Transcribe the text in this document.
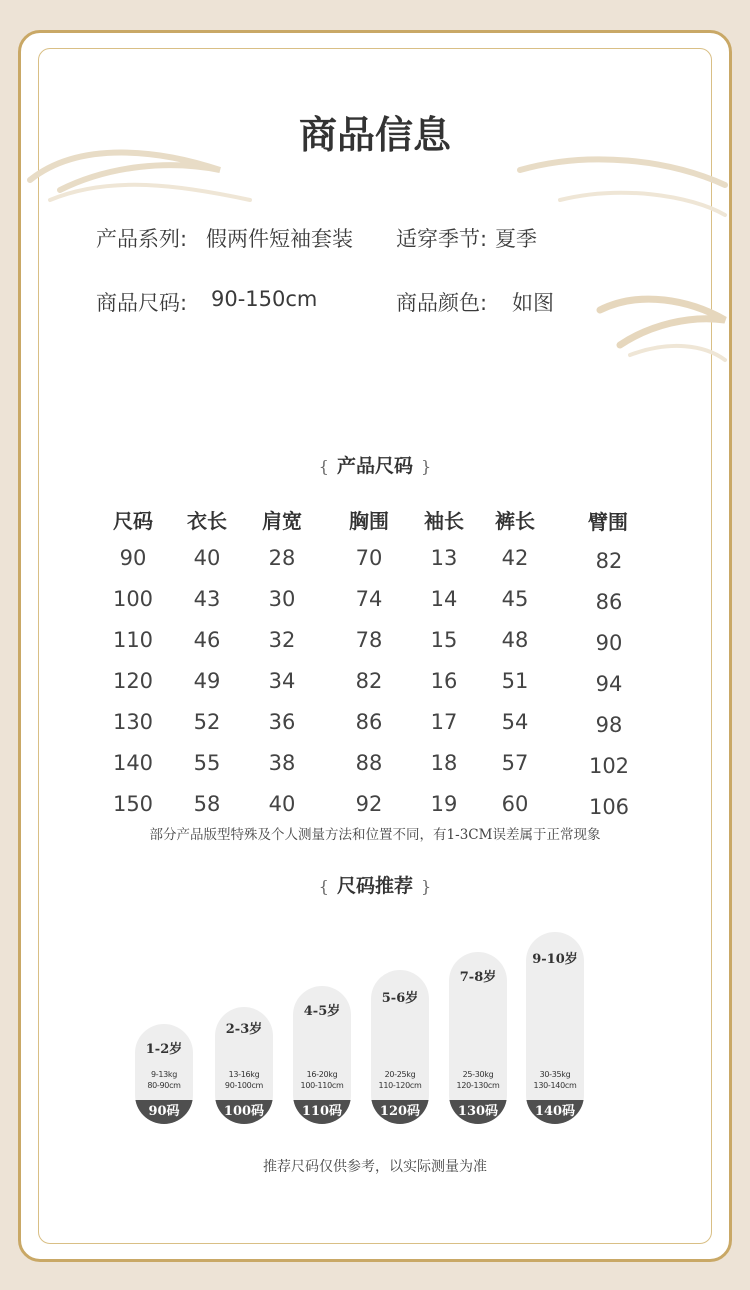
商品信息
产品系列: 假两件短袖套装 适穿季节: 夏季
商品尺码: 90-150cm	商品颜色: 如图
{ 产品尺码 }
尺码	衣长	肩宽	胸围	袖长	裤长	臂围
90	40	28	70	13	42	82
100	43	30	74	14	45	86
110	46	32	78	15	48	90
120	49	34	82	16	51	94
130	52	36	86	17	54	98
140	55	38	88	18	57	102
150	58	40	92	19	60	106
部分产品版型特殊及个人测量方法和位置不同，有1-3CM误差属于正常现象
{ 尺码推荐 }
1-2岁
9-13kg
80-90cm
90码
2-3岁
13-16kg
90-100cm
100码
4-5岁
16-20kg
100-110cm
110码
5-6岁
20-25kg
110-120cm
120码
7-8岁
25-30kg
120-130cm
130码
9-10岁
30-35kg
130-140cm
140码
推荐尺码仅供参考，以实际测量为准
